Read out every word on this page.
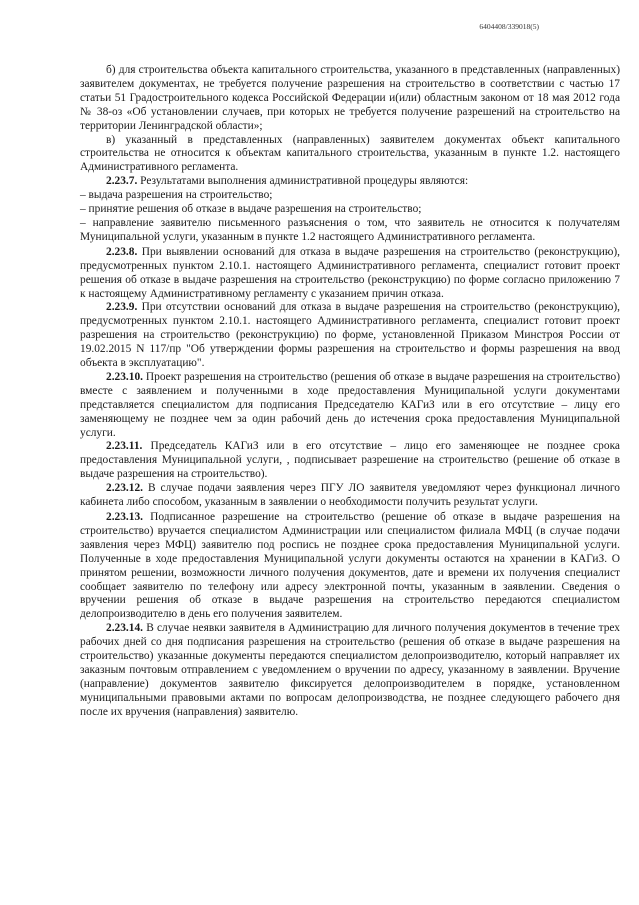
6404408/339018(5)

б) для строительства объекта капитального строительства, указанного в представленных (направленных) заявителем документах, не требуется получение разрешения на строительство в соответствии с частью 17 статьи 51 Градостроительного кодекса Российской Федерации и(или) областным законом от 18 мая 2012 года № 38-оз «Об установлении случаев, при которых не требуется получение разрешений на строительство на территории Ленинградской области»;

в) указанный в представленных (направленных) заявителем документах объект капитального строительства не относится к объектам капитального строительства, указанным в пункте 1.2. настоящего Административного регламента.

2.23.7. Результатами выполнения административной процедуры являются:

– выдача разрешения на строительство;

– принятие решения об отказе в выдаче разрешения на строительство;

– направление заявителю письменного разъяснения о том, что заявитель не относится к получателям Муниципальной услуги, указанным в пункте 1.2 настоящего Административного регламента.

2.23.8. При выявлении оснований для отказа в выдаче разрешения на строительство (реконструкцию), предусмотренных пунктом 2.10.1. настоящего Административного регламента, специалист готовит проект решения об отказе в выдаче разрешения на строительство (реконструкцию) по форме согласно приложению 7 к настоящему Административному регламенту с указанием причин отказа.

2.23.9. При отсутствии оснований для отказа в выдаче разрешения на строительство (реконструкцию), предусмотренных пунктом 2.10.1. настоящего Административного регламента, специалист готовит проект разрешения на строительство (реконструкцию) по форме, установленной Приказом Минстроя России от 19.02.2015 N 117/пр "Об утверждении формы разрешения на строительство и формы разрешения на ввод объекта в эксплуатацию".

2.23.10. Проект разрешения на строительство (решения об отказе в выдаче разрешения на строительство) вместе с заявлением и полученными в ходе предоставления Муниципальной услуги документами представляется специалистом для подписания Председателю КАГиЗ или в его отсутствие – лицу его заменяющему не позднее чем за один рабочий день до истечения срока предоставления Муниципальной услуги.

2.23.11. Председатель КАГиЗ или в его отсутствие – лицо его заменяющее не позднее срока предоставления Муниципальной услуги, , подписывает разрешение на строительство (решение об отказе в выдаче разрешения на строительство).

2.23.12. В случае подачи заявления через ПГУ ЛО заявителя уведомляют через функционал личного кабинета либо способом, указанным в заявлении о необходимости получить результат услуги.

2.23.13. Подписанное разрешение на строительство (решение об отказе в выдаче разрешения на строительство) вручается специалистом Администрации или специалистом филиала МФЦ (в случае подачи заявления через МФЦ) заявителю под роспись не позднее срока предоставления Муниципальной услуги. Полученные в ходе предоставления Муниципальной услуги документы остаются на хранении в КАГиЗ. О принятом решении, возможности личного получения документов, дате и времени их получения специалист сообщает заявителю по телефону или адресу электронной почты, указанным в заявлении. Сведения о вручении решения об отказе в выдаче разрешения на строительство передаются специалистом делопроизводителю в день его получения заявителем.

2.23.14. В случае неявки заявителя в Администрацию для личного получения документов в течение трех рабочих дней со дня подписания разрешения на строительство (решения об отказе в выдаче разрешения на строительство) указанные документы передаются специалистом делопроизводителю, который направляет их заказным почтовым отправлением с уведомлением о вручении по адресу, указанному в заявлении. Вручение (направление) документов заявителю фиксируется делопроизводителем в порядке, установленном муниципальными правовыми актами по вопросам делопроизводства, не позднее следующего рабочего дня после их вручения (направления) заявителю.
